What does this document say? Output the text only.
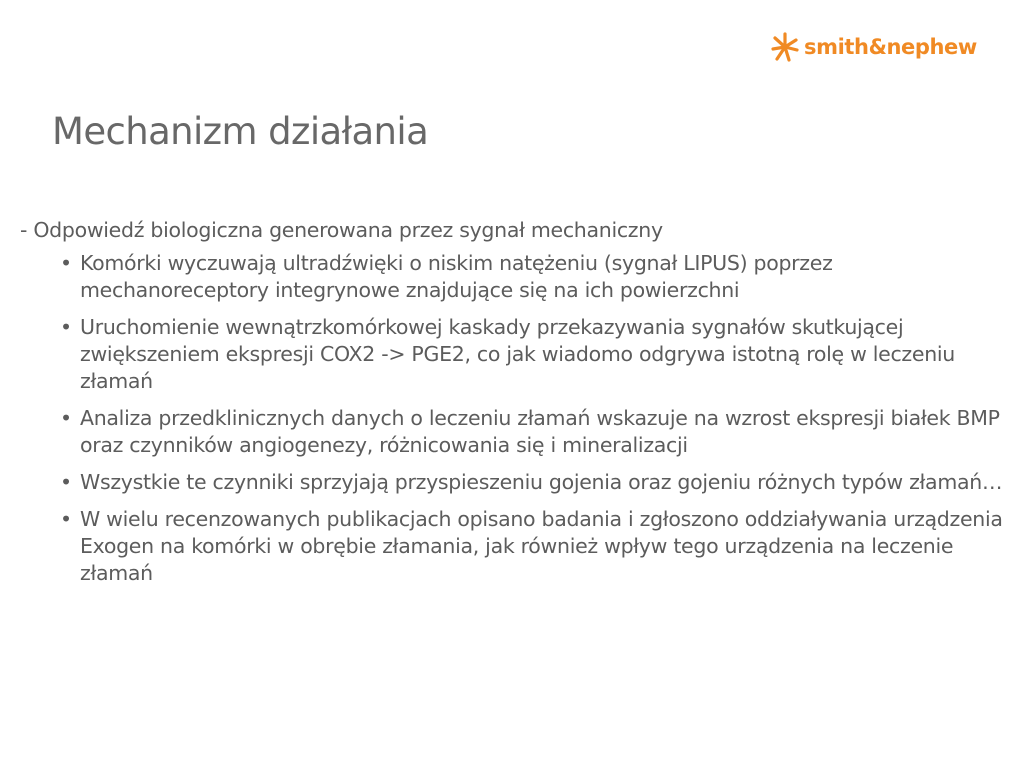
smith&nephew
Mechanizm działania

- Odpowiedź biologiczna generowana przez sygnał mechaniczny

• Komórki wyczuwają ultradźwięki o niskim natężeniu (sygnał LIPUS) poprzez mechanoreceptory integrynowe znajdujące się na ich powierzchni
• Uruchomienie wewnątrzkomórkowej kaskady przekazywania sygnałów skutkującej zwiększeniem ekspresji COX2 -> PGE2, co jak wiadomo odgrywa istotną rolę w leczeniu złamań
• Analiza przedklinicznych danych o leczeniu złamań wskazuje na wzrost ekspresji białek BMP oraz czynników angiogenezy, różnicowania się i mineralizacji
• Wszystkie te czynniki sprzyjają przyspieszeniu gojenia oraz gojeniu różnych typów złamań…
• W wielu recenzowanych publikacjach opisano badania i zgłoszono oddziaływania urządzenia Exogen na komórki w obrębie złamania, jak również wpływ tego urządzenia na leczenie złamań
